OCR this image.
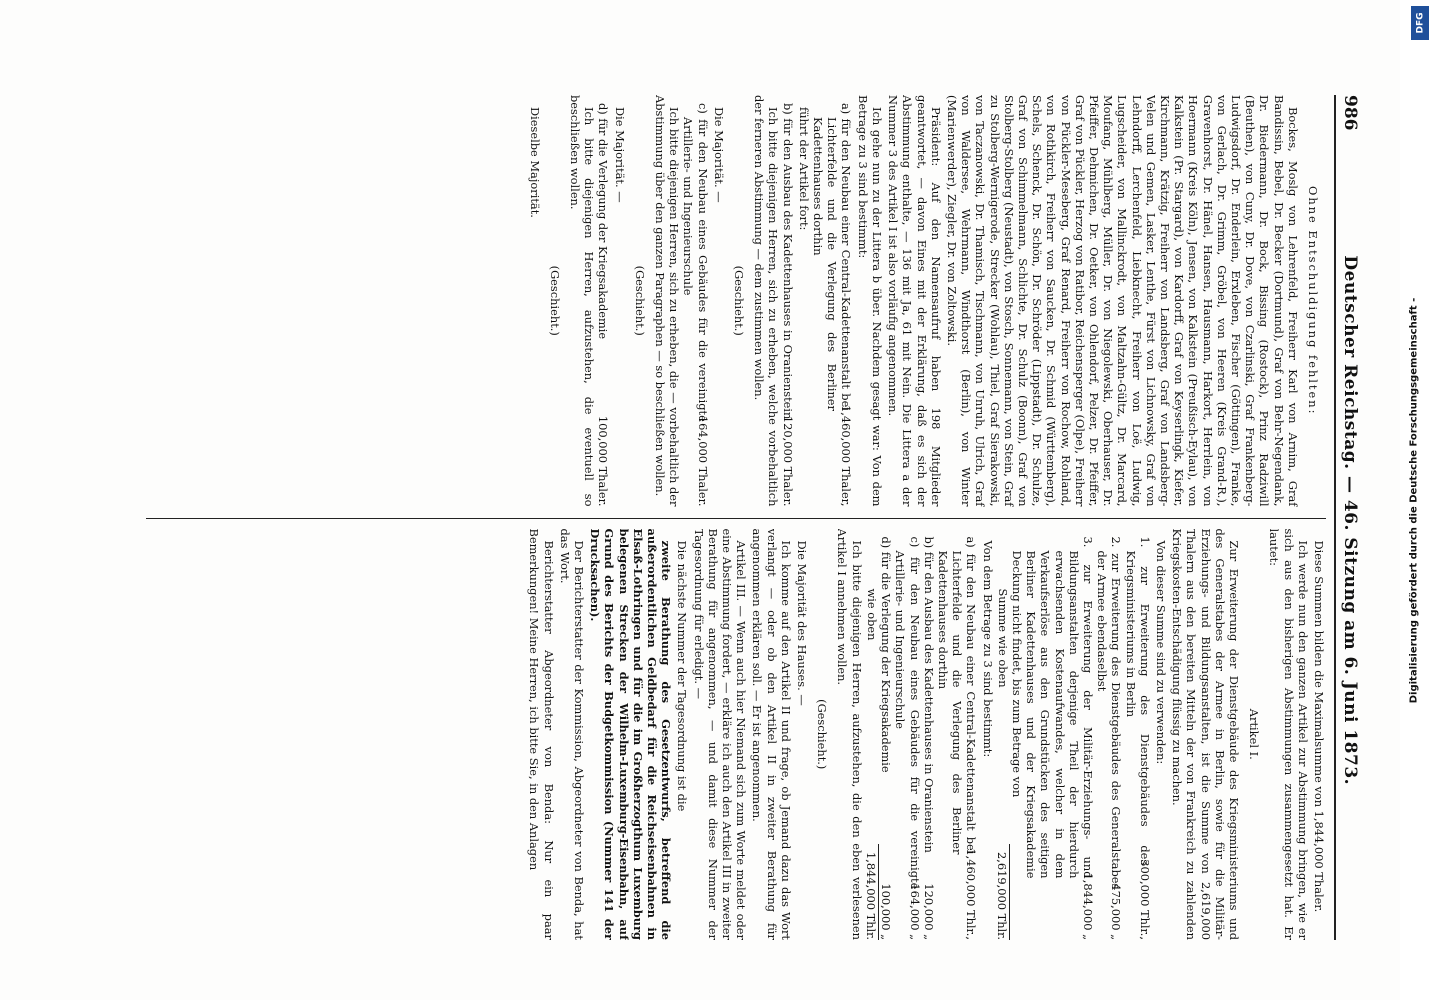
986
Deutscher Reichstag. — 46. Sitzung am 6. Juni 1873.

Ohne Entschuldigung fehlten:

Bockes, Moslg von Lehrenfeld, Freiherr Karl von Arnim, Graf Bandissin, Bebel, Dr. Becker (Dortmund), Graf von Behr-Negendank, Dr. Biedermann, Dr. Bock, Bissing (Rostock), Prinz Radziwill (Beuthen), von Cuny, Dr. Dove, von Czarlinski, Graf Frankenberg-Ludwigsdorf, Dr. Enderlein, Erxleben, Fischer (Göttingen), Franke, von Gerlach, Dr. Grimm, Gröbel, von Heeren (Kreis Grand-R.), Gravenhorst, Dr. Hänel, Hansen, Hausmann, Harkort, Herrlein, von Hoermann (Kreis Köln), Jensen, von Kalkstein (Preußisch-Eylau), von Kalkstein (Pr. Stargard), von Kardorff, Graf von Keyserlingk, Kiefer, Kirchmann, Krätzig, Freiherr von Landsberg, Graf von Landsberg-Velen und Gemen, Lasker, Lenthe, Fürst von Lichnowsky, Graf von Lehndorff, Lerchenfeld, Liebknecht, Freiherr von Loë, Ludwig, Lugscheider, von Mallinckrodt, von Maltzahn-Gültz, Dr. Marcard, Moufang, Mühlberg, Müller, Dr. von Niegolewski, Oberhauser, Dr. Pfeiffer, Dehmichen, Dr. Oetker, von Ohlendorf, Pelzer, Dr. Pfeiffer, Graf von Pückler, Herzog von Ratibor, Reichensperger (Olpe), Freiherr von Pückler-Meseberg, Graf Renard, Freiherr von Rochow, Rohland, von Rothkirch, Freiherr von Saucken, Dr. Schmid (Württemberg), Schels, Schenck, Dr. Schön, Dr. Schröder (Lippstadt), Dr. Schulze, Graf von Schimmelmann, Schlichte, Dr. Schulz (Boonn), Graf von Stolberg-Stolberg (Neustadt), von Stosch, Sonnemann, von Stein, Graf zu Stolberg-Wernigerode, Strecker (Wohlau), Thiel, Graf Sierakowski, von Taczanowski, Dr. Thamisch, Tischmann, von Unruh, Ulrich, Graf von Waldersee, Wehrmann, Windthorst (Berlin), von Winter (Marienwerder), Ziegler, Dr. von Zoltowski.

Präsident: Auf den Namensaufruf haben 198 Mitglieder geantwortet, — davon Eines mit der Erklärung, daß es sich der Abstimmung enthalte, — 136 mit Ja, 61 mit Nein. Die Littera a der Nummer 3 des Artikel I ist also vorläufig angenommen.

Ich gehe nun zu der Littera b über. Nachdem gesagt war: Von dem Betrage zu 3 sind bestimmt:

a) für den Neubau einer Central-Kadettenanstalt bei Lichterfelde und die Verlegung des Berliner Kadettenhauses dorthin
1,460,000 Thaler,

führt der Artikel fort:

b) für den Ausbau des Kadettenhauses in Oranienstein
120,000 Thaler.

Ich bitte diejenigen Herren, sich zu erheben, welche vorbehaltlich der ferneren Abstimmung — dem zustimmen wollen.

(Geschieht.)

Die Majorität. —

c) für den Neubau eines Gebäudes für die vereinigte Artillerie- und Ingenieurschule
164,000 Thaler.

Ich bitte diejenigen Herren, sich zu erheben, die — vorbehaltlich der Abstimmung über den ganzen Paragraphen — so beschließen wollen.

(Geschieht.)

Die Majorität. —

d) für die Verlegung der Kriegsakademie
100,000 Thaler.

Ich bitte diejenigen Herren, aufzustehen, die eventuell so beschließen wollen.

(Geschieht.)

Dieselbe Majorität.

Diese Summen bilden die Maximalsumme von 1,844,000 Thaler.

Ich werde nun den ganzen Artikel zur Abstimmung bringen, wie er sich aus den bisherigen Abstimmungen zusammengesetzt hat. Er lautet:

Artikel I.

Zur Erweiterung der Dienstgebäude des Kriegsministeriums und des Generalstabes der Armee in Berlin, sowie für die Militär-Erziehungs- und Bildungsanstalten, ist die Summe von 2,619,000 Thalern aus den bereiten Mitteln der von Frankreich zu zahlenden Kriegskosten-Entschädigung flüssig zu machen.

Von dieser Summe sind zu verwenden:

1. zur Erweiterung des Dienstgebäudes des Kriegsministeriums in Berlin
300,000 Thlr.,
2. zur Erweiterung des Dienstgebäudes des Generalstabes der Armee ebendaselbst
475,000 „
3. zur Erweiterung der Militär-Erziehungs- und Bildungsanstalten derjenige Theil der hierdurch erwachsenden Kostenaufwandes, welcher in dem Verkaufserlöse aus den Grundstücken des seitigen Berliner Kadettenhauses und der Kriegsakademie Deckung nicht findet, bis zum Betrage von
1,844,000 „
Summe wie oben
2,619,000 Thlr.

Von dem Betrage zu 3 sind bestimmt:

a) für den Neubau einer Central-Kadettenanstalt bei Lichterfelde und die Verlegung des Berliner Kadettenhauses dorthin
1,460,000 Thlr.,
b) für den Ausbau des Kadettenhauses in Oranienstein
120,000 „
c) für den Neubau eines Gebäudes für die vereinigte Artillerie- und Ingenieurschule
164,000 „
d) für die Verlegung der Kriegsakademie
100,000 „
wie oben
1,844,000 Thlr.

Ich bitte diejenigen Herren, aufzustehen, die den eben verlesenen Artikel I annehmen wollen.

(Geschieht.)

Die Majorität des Hauses. —

Ich komme auf den Artikel II und frage, ob Jemand dazu das Wort verlangt — oder ob den Artikel II in zweiter Berathung für angenommen erklären soll. — Er ist angenommen.

Artikel III. — Wenn auch hier Niemand sich zum Worte meldet oder eine Abstimmung fordert, — erkläre ich auch den Artikel III in zweiter Berathung für angenommen, — und damit diese Nummer der Tagesordnung für erledigt. —

Die nächste Nummer der Tagesordnung ist die

zweite Berathung des Gesetzentwurfs, betreffend die außerordentlichen Geldbedarf für die Reichseisenbahnen in Elsaß-Lothringen und für die im Großherzogthum Luxemburg belegenen Strecken der Wilhelm-Luxemburg-Eisenbahn, auf Grund des Berichts der Budgetkommission (Nummer 141 der Drucksachen).

Der Berichterstatter der Kommission, Abgeordneter von Benda, hat das Wort.

Berichterstatter Abgeordneter von Benda: Nur ein paar Bemerkungen! Meine Herren, ich bitte Sie, in den Anlagen	Digitalisierung gefördert durch die Deutsche Forschungsgemeinschaft -
DFG
